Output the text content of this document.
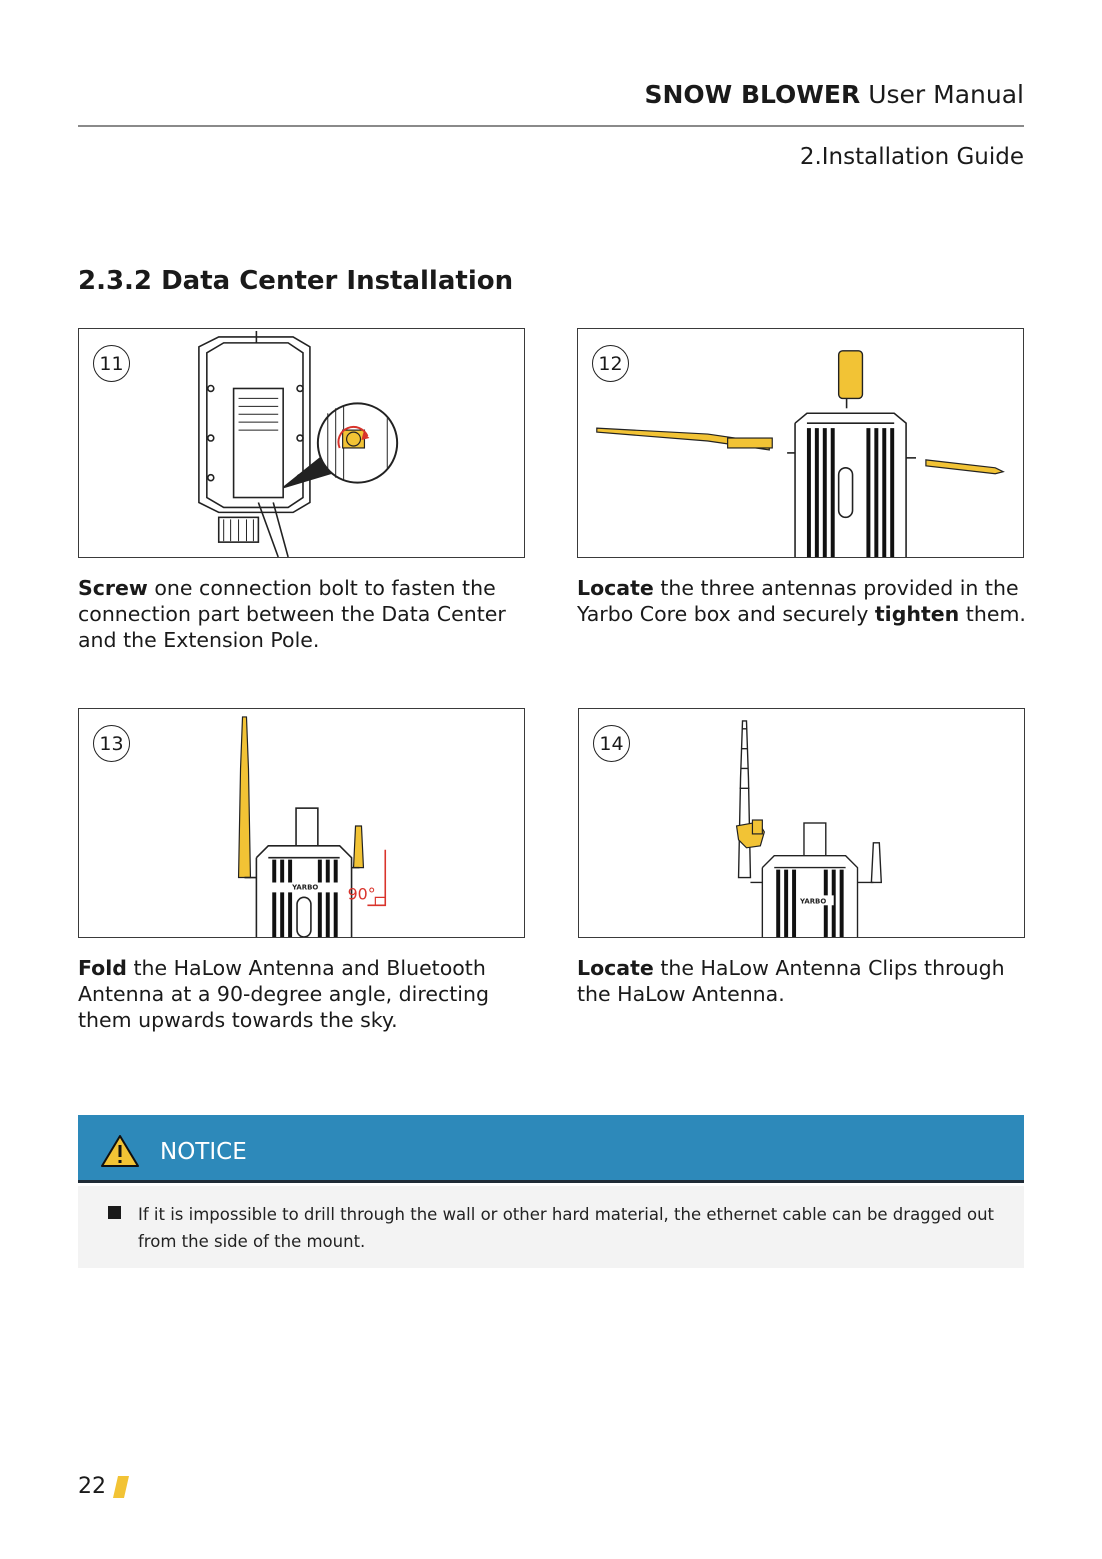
SNOW BLOWER User Manual
2.Installation Guide
2.3.2 Data Center Installation
11
YARBO
12
Screw one connection bolt to fasten the connection part between the Data Center and the Extension Pole.
Locate the three antennas provided in the Yarbo Core box and securely tighten them.
YARBO 90°
13
YARBO
14
Fold the HaLow Antenna and Bluetooth Antenna at a 90-degree angle, directing them upwards towards the sky.
Locate the HaLow Antenna Clips through the HaLow Antenna.
NOTICE
If it is impossible to drill through the wall or other hard material, the ethernet cable can be dragged out from the side of the mount.
22
